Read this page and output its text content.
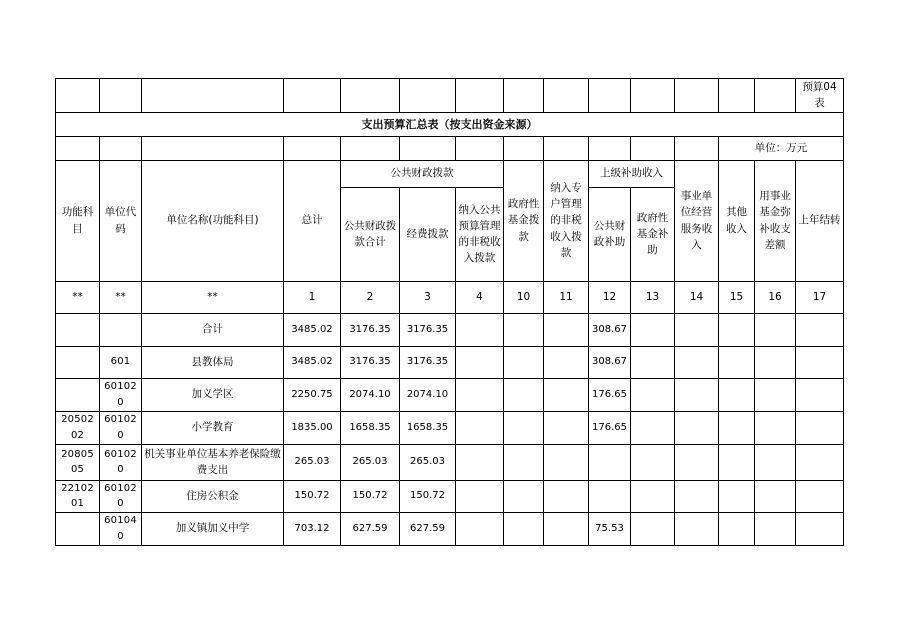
														预算04表
支出预算汇总表（按支出资金来源）														
												单位：万元		
功能科目	单位代码	单位名称(功能科目)	总计	公共财政拨款			政府性基金拨款	纳入专户管理的非税收入拨款	上级补助收入		事业单位经营服务收入	其他收入	用事业基金弥补收支差额	上年结转
				公共财政拨款合计	经费拨款	纳入公共预算管理的非税收入拨款			公共财政补助	政府性基金补助				
**	**	**	1	2	3	4	10	11	12	13	14	15	16	17
		合计	3485.02	3176.35	3176.35				308.67					
	601	县教体局	3485.02	3176.35	3176.35				308.67					
	601020	加义学区	2250.75	2074.10	2074.10				176.65					
2050202	601020	小学教育	1835.00	1658.35	1658.35				176.65					
2080505	601020	机关事业单位基本养老保险缴费支出	265.03	265.03	265.03									
2210201	601020	住房公积金	150.72	150.72	150.72									
	601040	加义镇加义中学	703.12	627.59	627.59				75.53					
